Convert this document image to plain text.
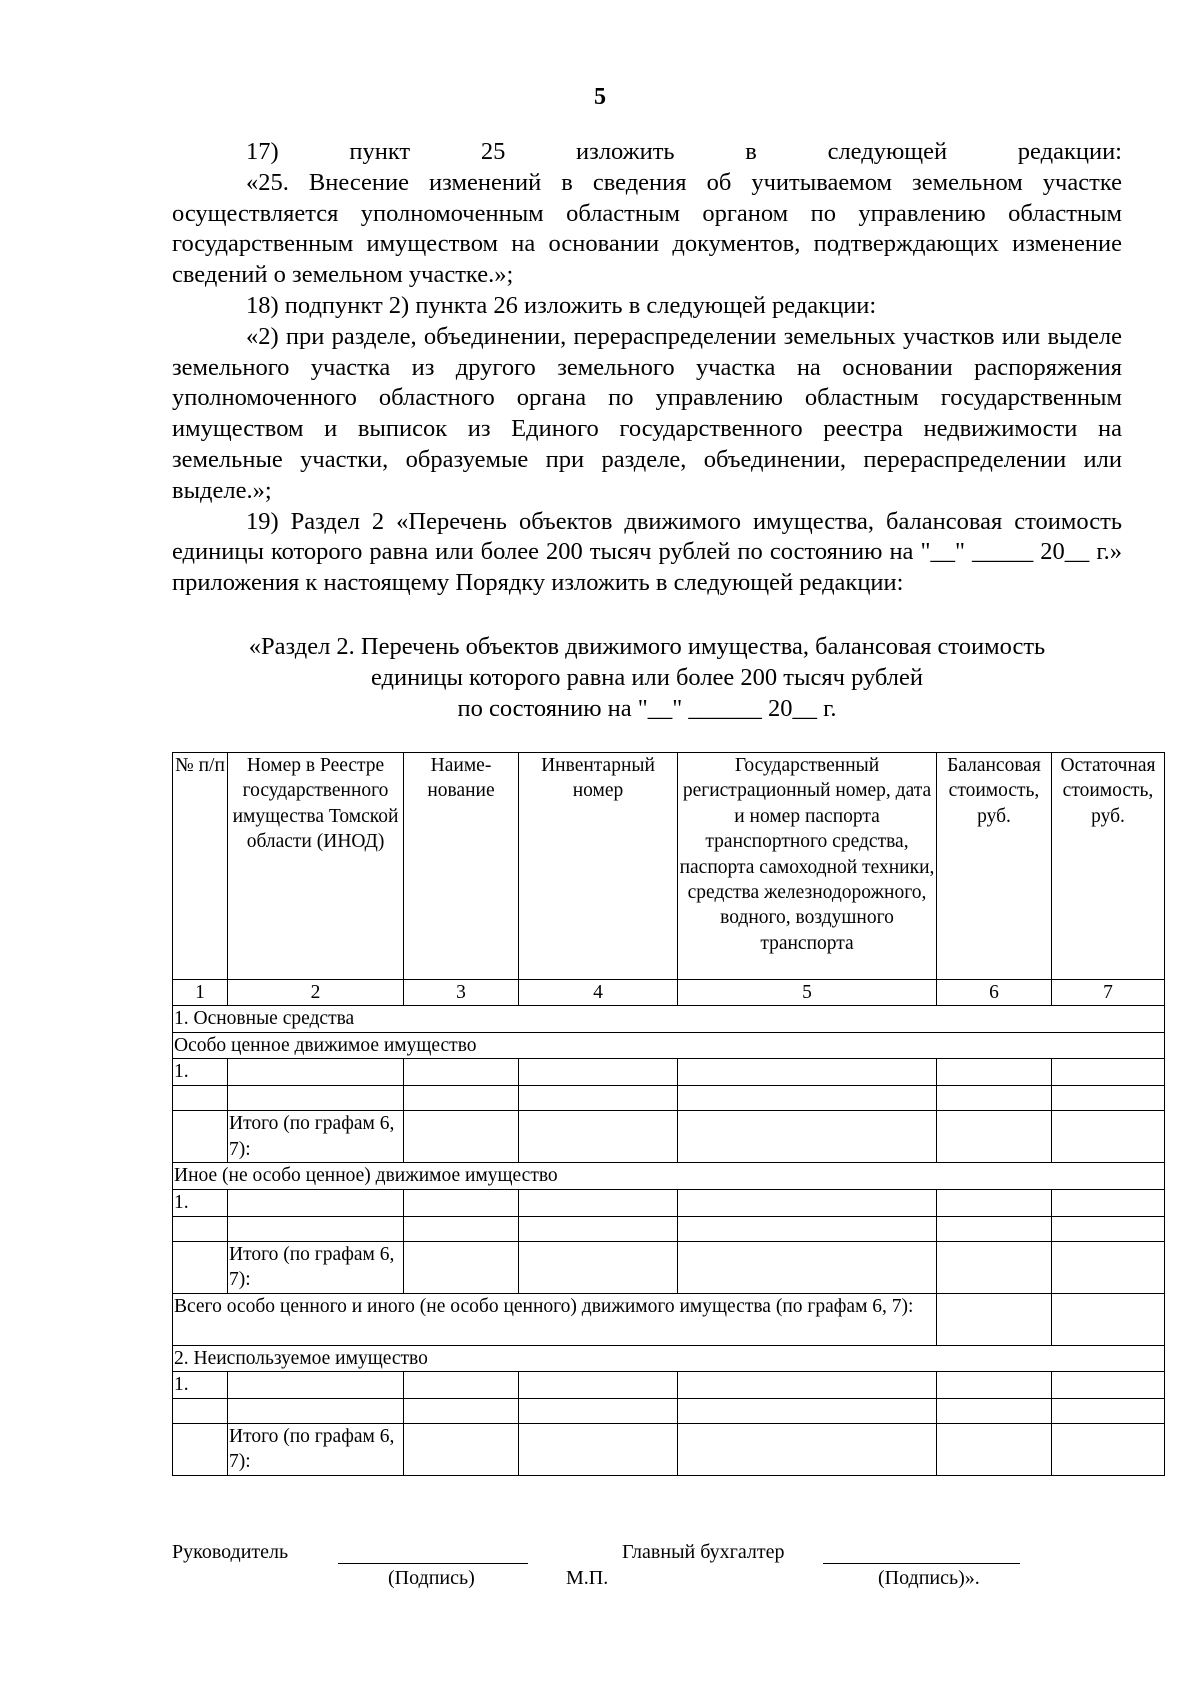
5

17) пункт 25 изложить в следующей редакции:

«25. Внесение изменений в сведения об учитываемом земельном участке осуществляется уполномоченным областным органом по управлению областным государственным имуществом на основании документов, подтверждающих изменение сведений о земельном участке.»;

18) подпункт 2) пункта 26 изложить в следующей редакции:

«2) при разделе, объединении, перераспределении земельных участков или выделе земельного участка из другого земельного участка на основании распоряжения уполномоченного областного органа по управлению областным государственным имуществом и выписок из Единого государственного реестра недвижимости на земельные участки, образуемые при разделе, объединении, перераспределении или выделе.»;

19) Раздел 2 «Перечень объектов движимого имущества, балансовая стоимость единицы которого равна или более 200 тысяч рублей по состоянию на "__" _____ 20__ г.» приложения к настоящему Порядку изложить в следующей редакции:

«Раздел 2. Перечень объектов движимого имущества, балансовая стоимость

единицы которого равна или более 200 тысяч рублей

по состоянию на "__" ______ 20__ г.

№ п/п	Номер в Реестре государственного имущества Томской области (ИНОД)	Наиме-нование	Инвентарный номер	Государственный регистрационный номер, дата и номер паспорта транспортного средства, паспорта самоходной техники, средства железнодорожного, водного, воздушного транспорта	Балансовая стоимость, руб.	Остаточная стоимость, руб.
1	2	3	4	5	6	7
1. Основные средства						
Особо ценное движимое имущество						
1.						

	Итого (по графам 6, 7):					
Иное (не особо ценное) движимое имущество						
1.						

	Итого (по графам 6, 7):					
Всего особо ценного и иного (не особо ценного) движимого имущества (по графам 6, 7):						
2. Неиспользуемое имущество						
1.						

	Итого (по графам 6, 7):					
Руководитель	Главный бухгалтер
(Подпись)	М.П.	(Подпись)».
